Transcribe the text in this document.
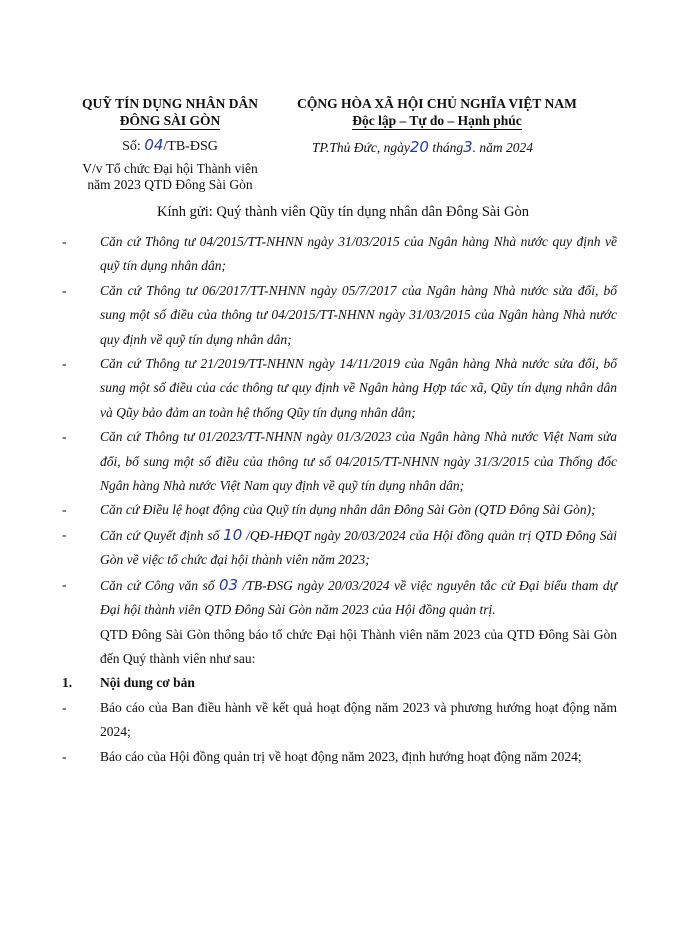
QUỸ TÍN DỤNG NHÂN DÂN
ĐÔNG SÀI GÒN
Số: 04/TB-ĐSG
V/v Tổ chức Đại hội Thành viên
năm 2023 QTD Đông Sài Gòn
CỘNG HÒA XÃ HỘI CHỦ NGHĨA VIỆT NAM
Độc lập – Tự do – Hạnh phúc
TP.Thủ Đức, ngày20 tháng3. năm 2024
Kính gửi: Quý thành viên Qũy tín dụng nhân dân Đông Sài Gòn
- Căn cứ Thông tư 04/2015/TT-NHNN ngày 31/03/2015 của Ngân hàng Nhà nước quy định về quỹ tín dụng nhân dân;
- Căn cứ Thông tư 06/2017/TT-NHNN ngày 05/7/2017 của Ngân hàng Nhà nước sửa đổi, bổ sung một số điều của thông tư 04/2015/TT-NHNN ngày 31/03/2015 của Ngân hàng Nhà nước quy định về quỹ tín dụng nhân dân;
- Căn cứ Thông tư 21/2019/TT-NHNN ngày 14/11/2019 của Ngân hàng Nhà nước sửa đổi, bổ sung một số điều của các thông tư quy định về Ngân hàng Hợp tác xã, Qũy tín dụng nhân dân và Qũy bảo đảm an toàn hệ thống Qũy tín dụng nhân dân;
- Căn cứ Thông tư 01/2023/TT-NHNN ngày 01/3/2023 của Ngân hàng Nhà nước Việt Nam sửa đổi, bổ sung một số điều của thông tư số 04/2015/TT-NHNN ngày 31/3/2015 của Thống đốc Ngân hàng Nhà nước Việt Nam quy định về quỹ tín dụng nhân dân;
- Căn cứ Điều lệ hoạt động của Quỹ tín dụng nhân dân Đông Sài Gòn (QTD Đông Sài Gòn);
- Căn cứ Quyết định số 10 /QĐ-HĐQT ngày 20/03/2024 của Hội đồng quản trị QTD Đông Sài Gòn về việc tổ chức đại hội thành viên năm 2023;
- Căn cứ Công văn số 03 /TB-ĐSG ngày 20/03/2024 về việc nguyên tắc cử Đại biểu tham dự Đại hội thành viên QTD Đông Sài Gòn năm 2023 của Hội đồng quản trị.
QTD Đông Sài Gòn thông báo tổ chức Đại hội Thành viên năm 2023 của QTD Đông Sài Gòn đến Quý thành viên như sau:
1. Nội dung cơ bản
- Báo cáo của Ban điều hành về kết quả hoạt động năm 2023 và phương hướng hoạt động năm 2024;
- Báo cáo của Hội đồng quản trị về hoạt động năm 2023, định hướng hoạt động năm 2024;
